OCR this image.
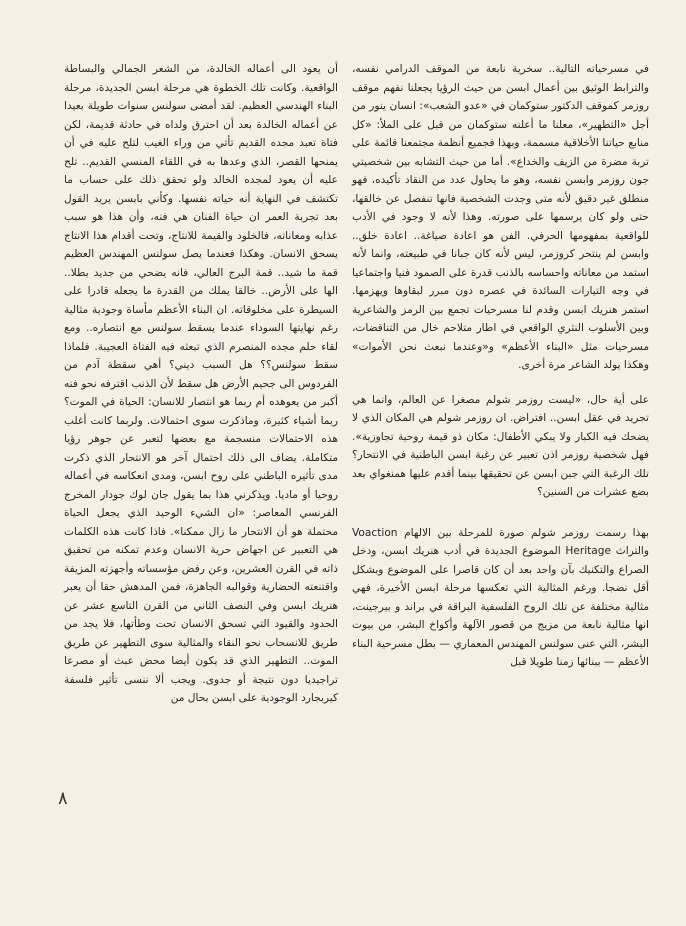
في مسرحياته التالية.. سخرية نابعة من الموقف الدرامي نفسه، والترابط الوثيق بين أعمال ابسن من حيث الرؤيا يجعلنا نفهم موقف روزمر كموقف الدكتور ستوكمان في «عدو الشعب»: انسان ينور من أجل «التطهير»، معلنا ما أعلنه ستوكمان من قبل على الملأ: «كل منابع حياتنا الأخلاقية مسممة، وبهذا فجميع أنظمة مجتمعنا قائمة على تربة مضرة من الزيف والخداع». أما من حيث التشابه بين شخصيتي جون روزمر وابسن نفسه، وهو ما يحاول عدد من النقاد تأكيده، فهو منطلق غير دقيق لأنه متى وجدت الشخصية فانها تنفصل عن خالقها، حتى ولو كان يرسمها على صورته. وهذا لأنه لا وجود في الأدب للواقعية بمفهومها الحرفي. الفن هو اعادة صياغة.. اعادة خلق.. وابسن لم ينتحر كروزمر، ليس لأنه كان جبانا في طبيعته، وانما لأنه استمد من معاناته واحساسه بالذنب قدرة على الصمود فنيا واجتماعيا في وجه التيارات السائدة في عصره دون مبرر لبقاوها ويهزمها. استمر هنريك ابسن وقدم لنا مسرحيات تجمع بين الرمز والشاعرية وبين الأسلوب النثري الواقعي في اطار متلاحم خال من التناقضات، مسرحيات مثل «البناء الأعظم» و«وعندما نبعث نحن الأموات» وهكذا يولد الشاعر مرة أخرى.

على أية حال، «ليست روزمر شولم مصغرا عن العالم، وانما هي تجريد في عقل ابسن.. افتراض. ان روزمر شولم هي المكان الذي لا يضحك فيه الكبار ولا يبكي الأطفال: مكان ذو قيمة روحية تجاوزية». فهل شخصية روزمر اذن تعبير عن رغبة ابسن الباطنية في الانتحار؟ تلك الرغبة التي جبن ابسن عن تحقيقها بينما أقدم عليها همنغواي بعد بضع عشرات من السنين؟

بهذا رسمت روزمر شولم صورة للمرحلة بين الالهام Voaction والتراث Heritage الموضوع الجديدة في أدب هنريك ابسن، ودخل الصراع والتكنيك بآن واحد بعد أن كان قاصرا على الموضوع وبشكل أقل نضجا. ورغم المثالية التي تعكسها مرحلة ابسن الأخيرة، فهي مثالية مختلفة عن تلك الروح الفلسفية البراقة في براند و بيرجينت، انها مثالية نابعة من مزيج من قصور الآلهة وأكواخ البشر، من بيوت البشر، التي عنى سولنس المهندس المعماري — بطل مسرحية البناء الأعظم — ببنائها زمنا طويلا قبل

أن يعود الى أعماله الخالدة، من الشعر الجمالي والبساطة الواقعية. وكانت تلك الخطوة هي مرحلة ابسن الجديدة، مرحلة البناء الهندسي العظيم. لقد أمضى سولنس سنوات طويلة بعيدا عن أعماله الخالدة بعد أن احترق ولداه في حادثة قديمة، لكن فتاة تعبد مجده القديم تأتي من وراء الغيب لتلح عليه في أن يمنحها القصر، الذي وعدها به في اللقاء المنسي القديم.. تلح عليه أن يعود لمجده الخالد ولو تحقق ذلك على حساب ما تكتشف في النهاية أنه حياته نفسها. وكأني بابسن يريد القول بعد تجربة العمر ان حياة الفنان هي فنه، وأن هذا هو سبب عذابه ومعاناته، فالخلود والقيمة للانتاج، وتحت أقدام هذا الانتاج يسحق الانسان. وهكذا فعندما يصل سولنس المهندس العظيم قمة ما شيد.. قمة البرج العالي، فانه يضحي من جديد بطلا.. الها على الأرض.. خالقا يملك من القدرة ما يجعله قادرا على السيطرة على مخلوقاته. ان البناء الأعظم مأساة وجودية مثالية رغم نهايتها السوداء عندما يسقط سولنس مع انتصاره.. ومع لقاء حلم مجده المنصرم الذي تبعثه فيه الفتاة العجيبة. فلماذا سقط سولنس؟؟ هل السبب ديني؟ أهي سقطة آدم من الفردوس الى جحيم الأرض هل سقط لأن الذنب اقترفه نحو فنه أكبر من يعوهده أم ربما هو انتصار للانسان: الحياة في الموت؟ ربما أشياء كثيرة، وماذكرت سوى احتمالات. ولربما كانت أغلب هذه الاحتمالات منسجمة مع بعضها لتعبر عن جوهر رؤيا متكاملة. يضاف الى ذلك احتمال آخر هو الانتحار الذي ذكرت مدى تأثيره الباطني على روح ابسن، ومدى انعكاسه في أعماله روحيا أو ماديا. ويذكرني هذا بما يقول جان لوك جودار المخرج الفرنسي المعاصر: «ان الشيء الوحيد الذي يجعل الحياة محتملة هو أن الانتحار ما زال ممكنا». فاذا كانت هذه الكلمات هي التعبير عن اجهاض حرية الانسان وعدم تمكنه من تحقيق ذاته في القرن العشرين، وعن رفض مؤسساته وأجهزته المزيفة واقتنعته الحضارية وقوالبه الجاهزة، فمن المدهش حقا أن يعبر هنريك ابسن وفي النصف الثاني من القرن التاسع عشر عن الحدود والقيود التي تسحق الانسان تحت وطأتها، فلا يجد من طريق للانسحاب نحو النقاء والمثالية سوى التطهير عن طريق الموت.. التطهير الذي قد يكون أيضا محض عبث أو مصرعا تراجيديا دون نتيجة أو جدوى. ويجب ألا ننسى تأثير فلسفة كيربجارد الوجودية على ابسن بحال من

٨
